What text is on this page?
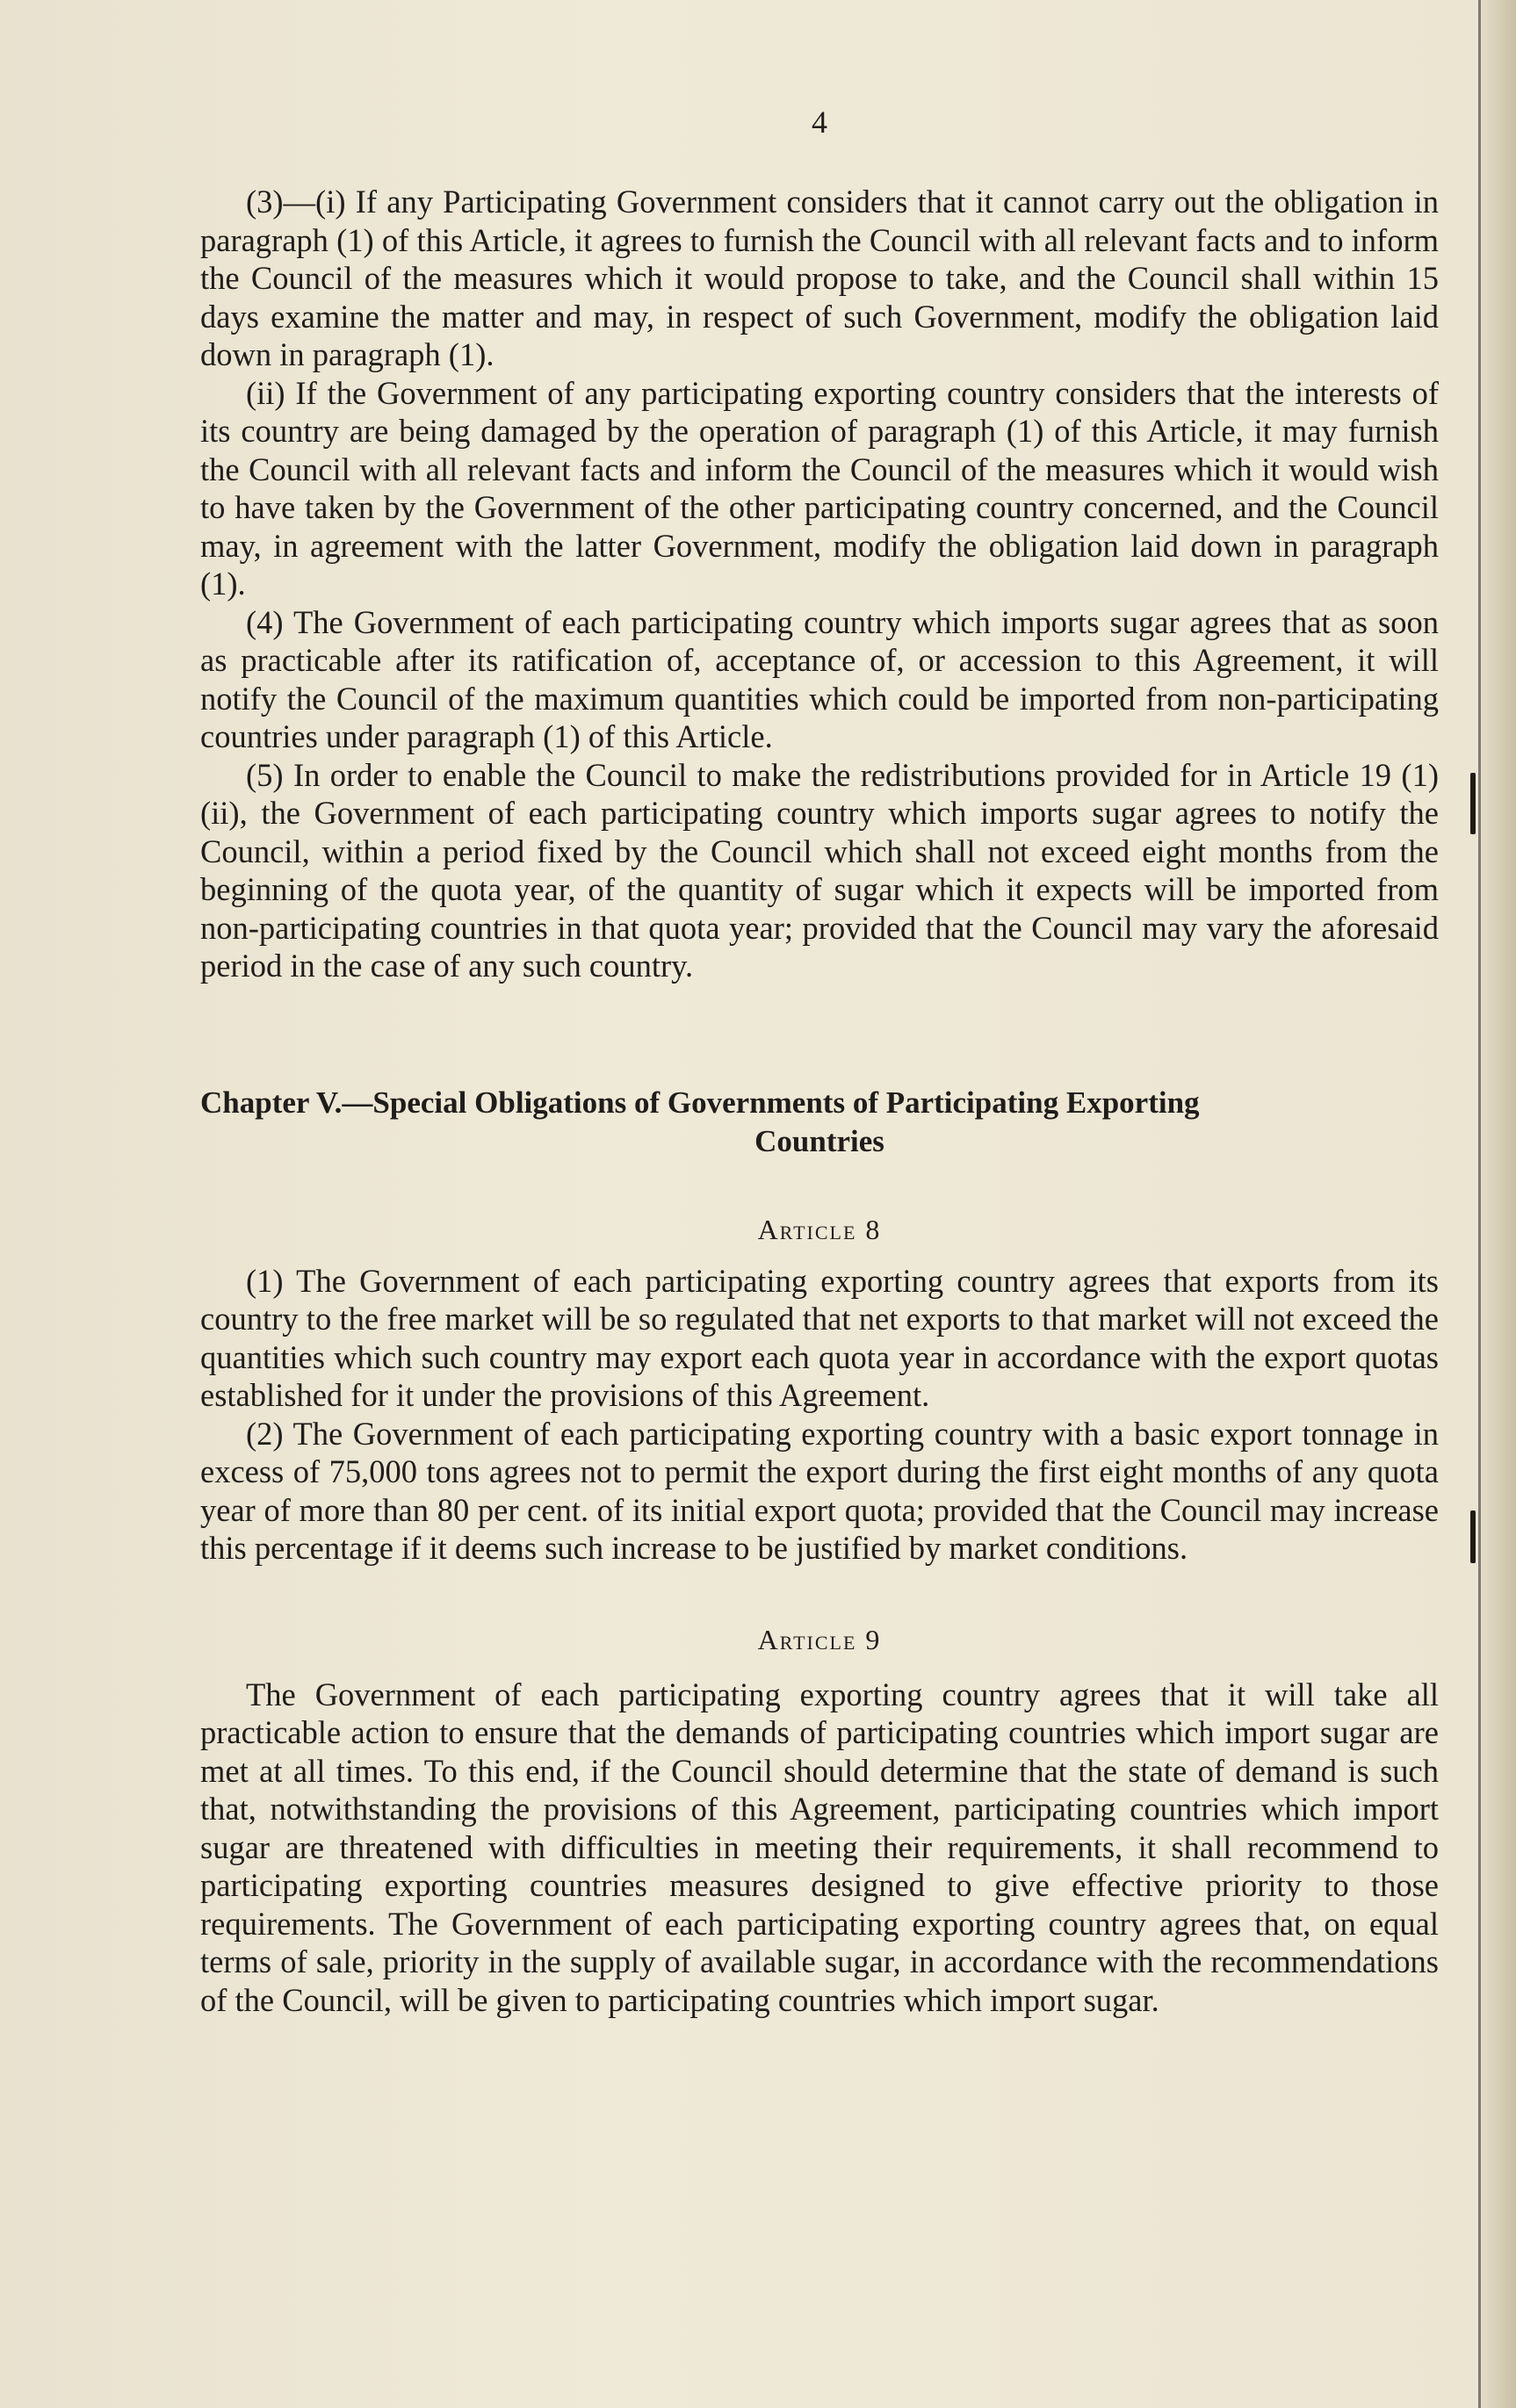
4

(3)—(i) If any Participating Government considers that it cannot carry out the obligation in paragraph (1) of this Article, it agrees to furnish the Council with all relevant facts and to inform the Council of the measures which it would propose to take, and the Council shall within 15 days examine the matter and may, in respect of such Government, modify the obligation laid down in paragraph (1).

(ii) If the Government of any participating exporting country considers that the interests of its country are being damaged by the operation of paragraph (1) of this Article, it may furnish the Council with all relevant facts and inform the Council of the measures which it would wish to have taken by the Government of the other participating country concerned, and the Council may, in agreement with the latter Government, modify the obligation laid down in paragraph (1).

(4) The Government of each participating country which imports sugar agrees that as soon as practicable after its ratification of, acceptance of, or accession to this Agreement, it will notify the Council of the maximum quantities which could be imported from non-participating countries under paragraph (1) of this Article.

(5) In order to enable the Council to make the redistributions provided for in Article 19 (1) (ii), the Government of each participating country which imports sugar agrees to notify the Council, within a period fixed by the Council which shall not exceed eight months from the beginning of the quota year, of the quantity of sugar which it expects will be imported from non-participating countries in that quota year; provided that the Council may vary the aforesaid period in the case of any such country.

Chapter V.—Special Obligations of Governments of Participating Exporting
Countries
Article 8

(1) The Government of each participating exporting country agrees that exports from its country to the free market will be so regulated that net exports to that market will not exceed the quantities which such country may export each quota year in accordance with the export quotas established for it under the provisions of this Agreement.

(2) The Government of each participating exporting country with a basic export tonnage in excess of 75,000 tons agrees not to permit the export during the first eight months of any quota year of more than 80 per cent. of its initial export quota; provided that the Council may increase this percentage if it deems such increase to be justified by market conditions.

Article 9

The Government of each participating exporting country agrees that it will take all practicable action to ensure that the demands of participating countries which import sugar are met at all times. To this end, if the Council should determine that the state of demand is such that, notwithstanding the provisions of this Agreement, participating countries which import sugar are threatened with difficulties in meeting their requirements, it shall recommend to participating exporting countries measures designed to give effective priority to those requirements. The Government of each participating exporting country agrees that, on equal terms of sale, priority in the supply of available sugar, in accordance with the recommendations of the Council, will be given to participating countries which import sugar.
